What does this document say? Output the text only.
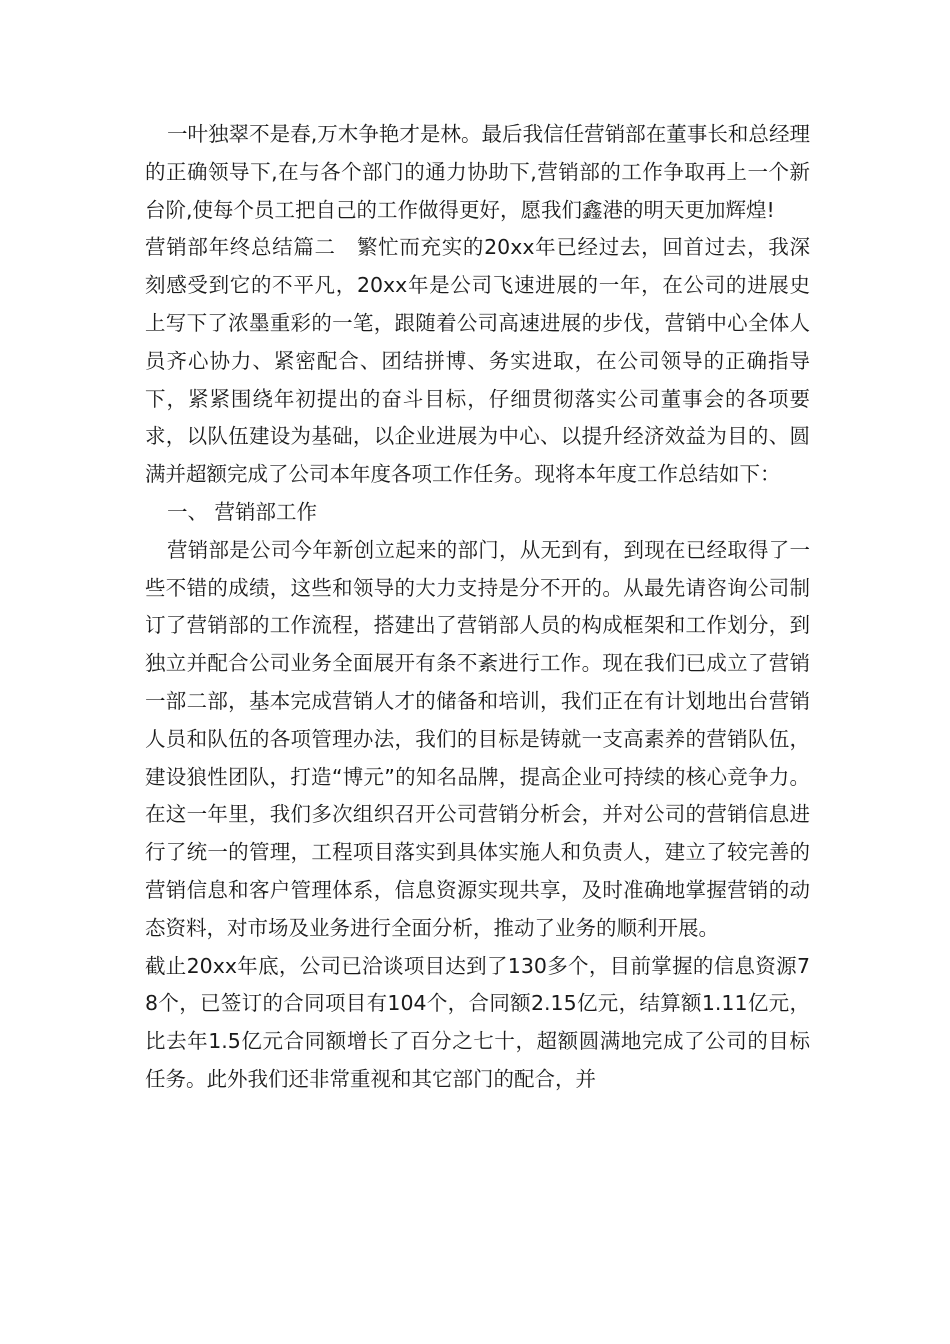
一叶独翠不是春,万木争艳才是林。最后我信任营销部在董事长和总经理的正确领导下,在与各个部门的通力协助下,营销部的工作争取再上一个新台阶,使每个员工把自己的工作做得更好，愿我们鑫港的明天更加辉煌!

营销部年终总结篇二　繁忙而充实的20xx年已经过去，回首过去，我深刻感受到它的不平凡，20xx年是公司飞速进展的一年，在公司的进展史上写下了浓墨重彩的一笔，跟随着公司高速进展的步伐，营销中心全体人员齐心协力、紧密配合、团结拼博、务实进取，在公司领导的正确指导下，紧紧围绕年初提出的奋斗目标，仔细贯彻落实公司董事会的各项要求，以队伍建设为基础，以企业进展为中心、以提升经济效益为目的、圆满并超额完成了公司本年度各项工作任务。现将本年度工作总结如下：

一、 营销部工作

营销部是公司今年新创立起来的部门，从无到有，到现在已经取得了一些不错的成绩，这些和领导的大力支持是分不开的。从最先请咨询公司制订了营销部的工作流程，搭建出了营销部人员的构成框架和工作划分，到独立并配合公司业务全面展开有条不紊进行工作。现在我们已成立了营销一部二部，基本完成营销人才的储备和培训，我们正在有计划地出台营销人员和队伍的各项管理办法，我们的目标是铸就一支高素养的营销队伍，建设狼性团队，打造“博元”的知名品牌，提高企业可持续的核心竞争力。在这一年里，我们多次组织召开公司营销分析会，并对公司的营销信息进行了统一的管理，工程项目落实到具体实施人和负责人，建立了较完善的营销信息和客户管理体系，信息资源实现共享，及时准确地掌握营销的动态资料，对市场及业务进行全面分析，推动了业务的顺利开展。

截止20xx年底，公司已洽谈项目达到了130多个，目前掌握的信息资源78个，已签订的合同项目有104个，合同额2.15亿元，结算额1.11亿元，比去年1.5亿元合同额增长了百分之七十，超额圆满地完成了公司的目标任务。此外我们还非常重视和其它部门的配合，并
